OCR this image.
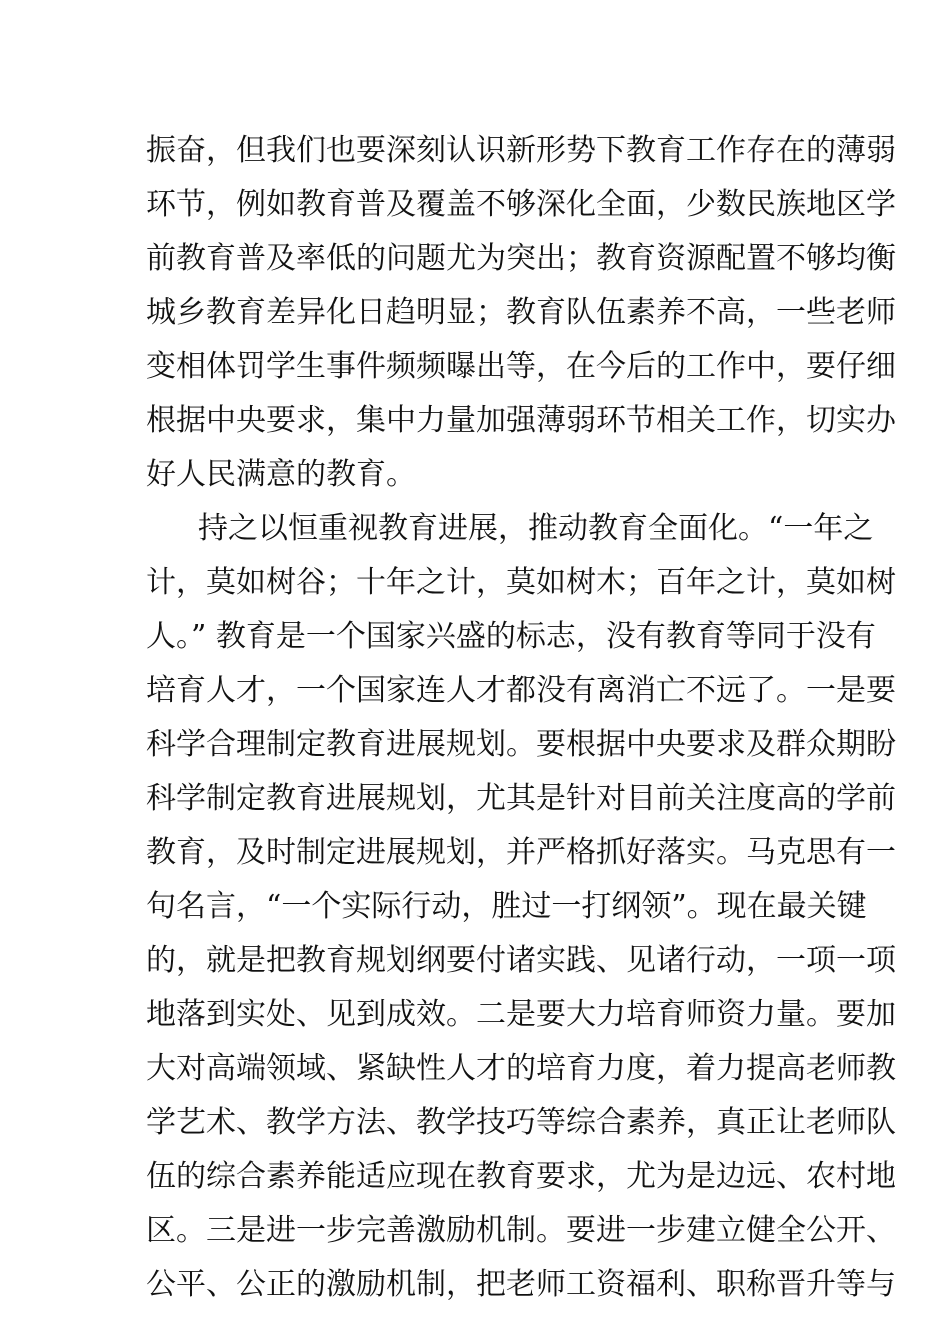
振奋，但我们也要深刻认识新形势下教育工作存在的薄弱
环节，例如教育普及覆盖不够深化全面，少数民族地区学
前教育普及率低的问题尤为突出；教育资源配置不够均衡
城乡教育差异化日趋明显；教育队伍素养不高，一些老师
变相体罚学生事件频频曝出等，在今后的工作中，要仔细
根据中央要求，集中力量加强薄弱环节相关工作，切实办
好人民满意的教育。
持之以恒重视教育进展，推动教育全面化。“一年之
计，莫如树谷；十年之计，莫如树木；百年之计，莫如树
人。” 教育是一个国家兴盛的标志，没有教育等同于没有
培育人才，一个国家连人才都没有离消亡不远了。一是要
科学合理制定教育进展规划。要根据中央要求及群众期盼
科学制定教育进展规划，尤其是针对目前关注度高的学前
教育，及时制定进展规划，并严格抓好落实。马克思有一
句名言，“一个实际行动，胜过一打纲领”。现在最关键
的，就是把教育规划纲要付诸实践、见诸行动，一项一项
地落到实处、见到成效。二是要大力培育师资力量。要加
大对高端领域、紧缺性人才的培育力度，着力提高老师教
学艺术、教学方法、教学技巧等综合素养，真正让老师队
伍的综合素养能适应现在教育要求，尤为是边远、农村地
区。三是进一步完善激励机制。要进一步建立健全公开、
公平、公正的激励机制，把老师工资福利、职称晋升等与
